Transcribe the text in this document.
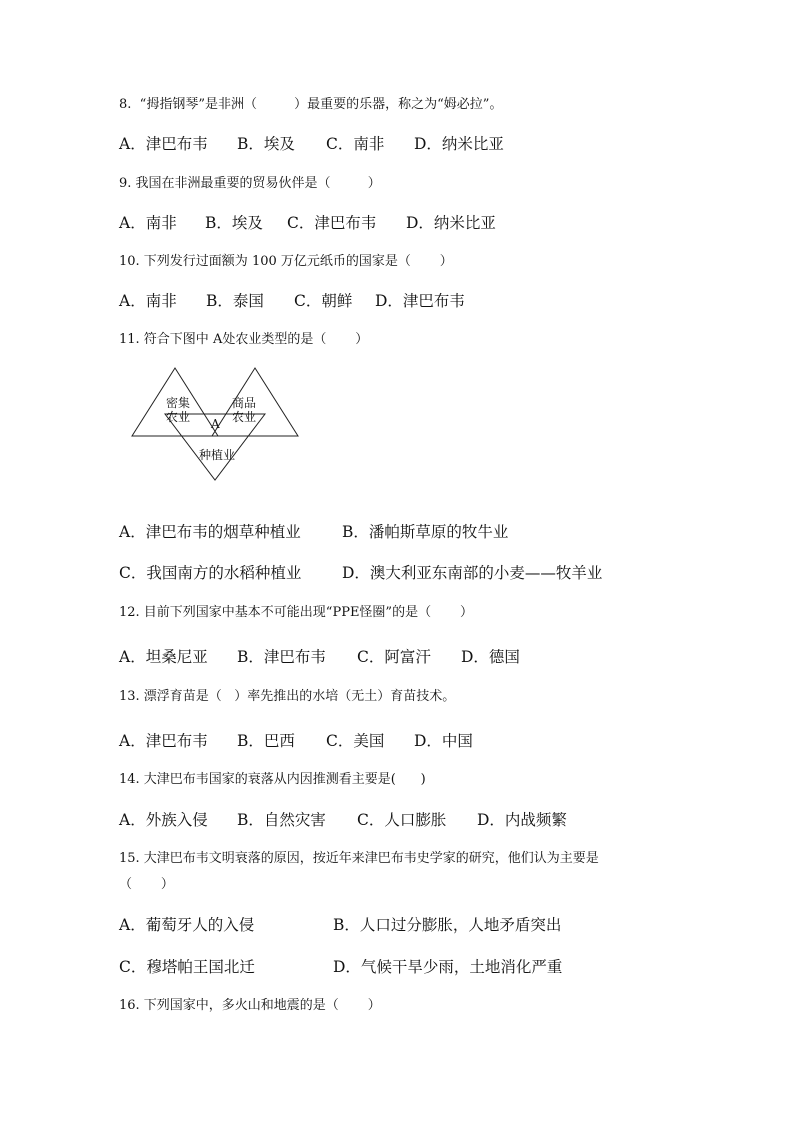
8.  “拇指钢琴”是非洲（         ）最重要的乐器，称之为“姆必拉”。

A．津巴布韦

B．埃及

C．南非

D．纳米比亚

9. 我国在非洲最重要的贸易伙伴是（         ）

A．南非

B．埃及

C．津巴布韦

D．纳米比亚

10. 下列发行过面额为 100 万亿元纸币的国家是（       ）

A．南非

B．泰国

C．朝鲜

D．津巴布韦

11. 符合下图中 A处农业类型的是（       ）
密集
农业
商品
农业
种植业
A

A．津巴布韦的烟草种植业

	B．潘帕斯草原的牧牛业

C．我国南方的水稻种植业

	D．澳大利亚东南部的小麦——牧羊业

12. 目前下列国家中基本不可能出现“PPE怪圈”的是（       ）

A．坦桑尼亚

B．津巴布韦

C．阿富汗

D．德国

13. 漂浮育苗是（   ）率先推出的水培（无土）育苗技术。

A．津巴布韦

B．巴西

C．美国

D．中国

14. 大津巴布韦国家的衰落从内因推测看主要是(      )

A．外族入侵

B．自然灾害

C．人口膨胀

D．内战频繁

15. 大津巴布韦文明衰落的原因，按近年来津巴布韦史学家的研究，他们认为主要是
（       ）

A．葡萄牙人的入侵

	B．人口过分膨胀，人地矛盾突出

C．穆塔帕王国北迁

	D．气候干旱少雨，土地消化严重

16. 下列国家中，多火山和地震的是（       ）
